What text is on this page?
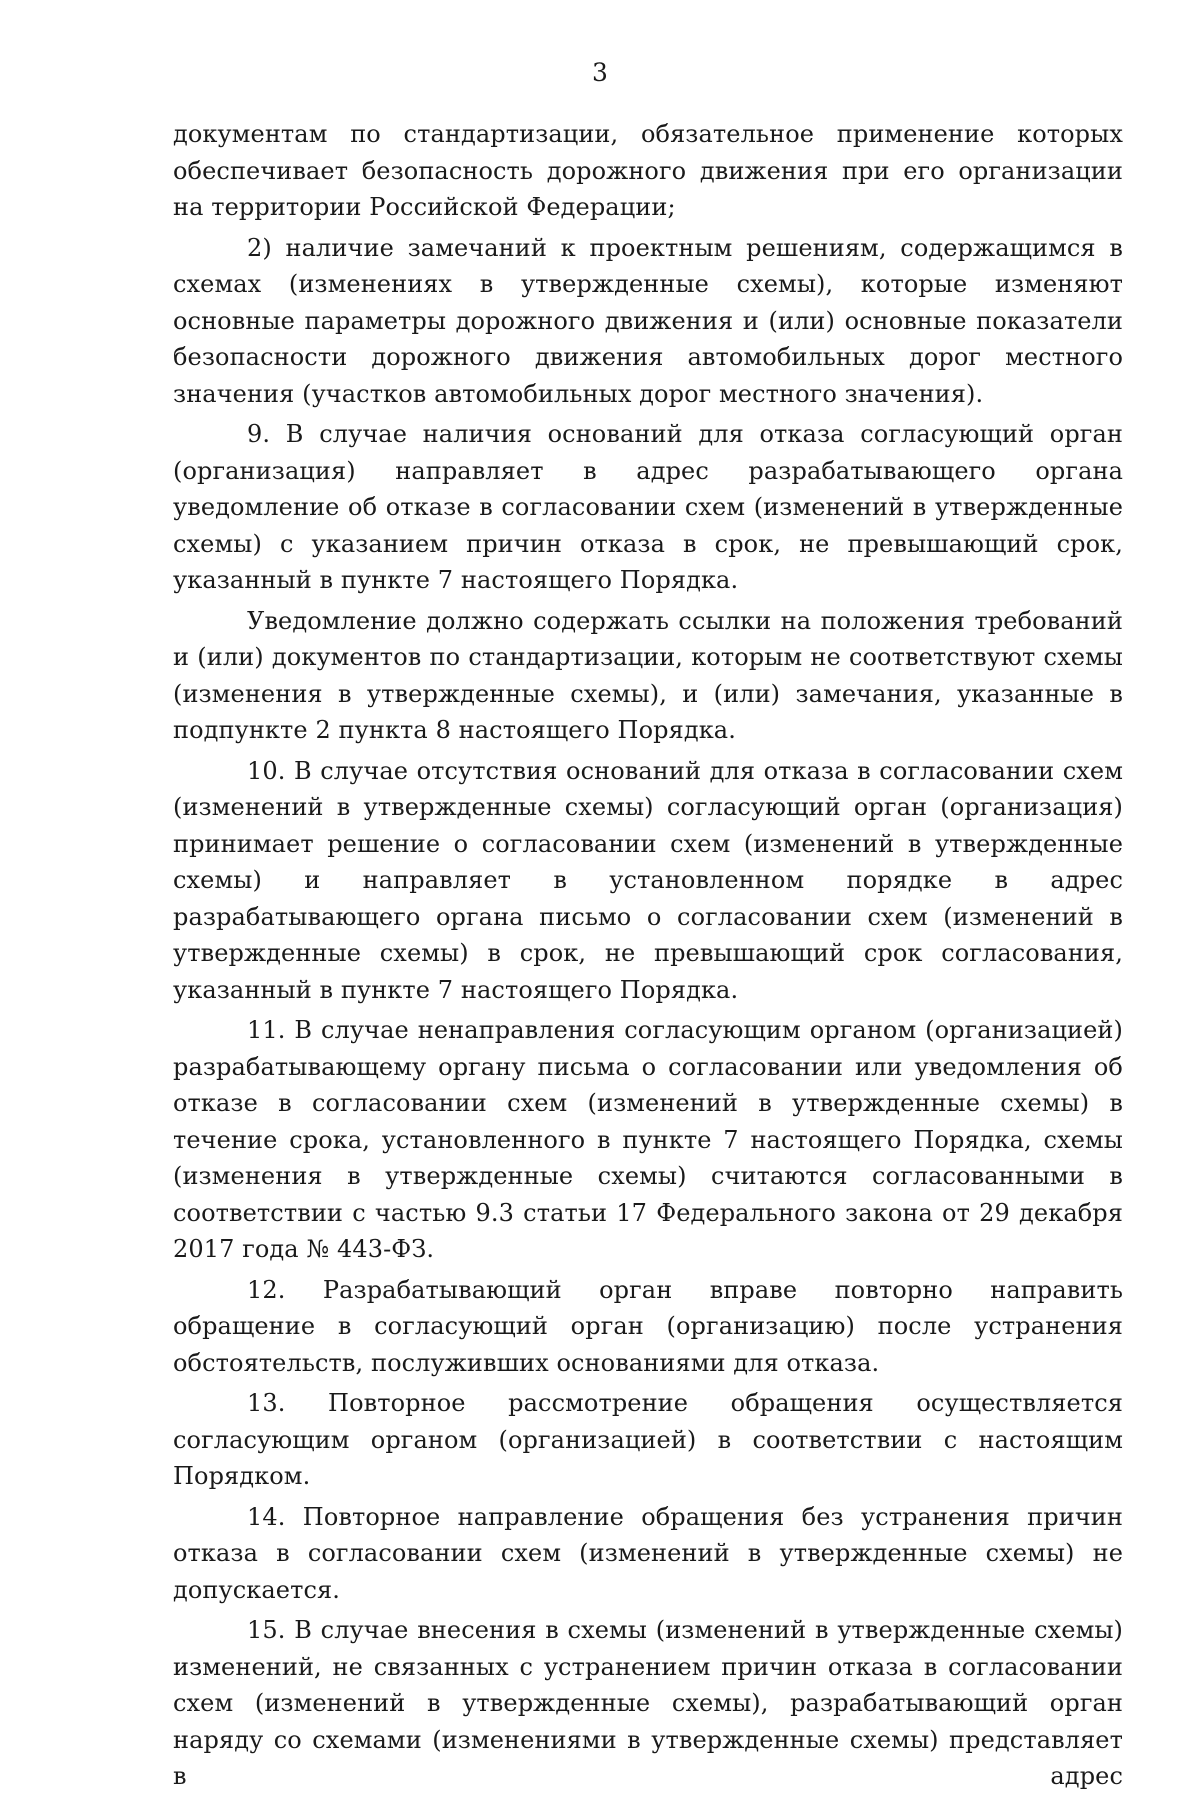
3

документам по стандартизации, обязательное применение которых обеспечивает безопасность дорожного движения при его организации на территории Российской Федерации;

2) наличие замечаний к проектным решениям, содержащимся в схемах (изменениях в утвержденные схемы), которые изменяют основные параметры дорожного движения и (или) основные показатели безопасности дорожного движения автомобильных дорог местного значения (участков автомобильных дорог местного значения).

9. В случае наличия оснований для отказа согласующий орган (организация) направляет в адрес разрабатывающего органа уведомление об отказе в согласовании схем (изменений в утвержденные схемы) с указанием причин отказа в срок, не превышающий срок, указанный в пункте 7 настоящего Порядка.

Уведомление должно содержать ссылки на положения требований и (или) документов по стандартизации, которым не соответствуют схемы (изменения в утвержденные схемы), и (или) замечания, указанные в подпункте 2 пункта 8 настоящего Порядка.

10. В случае отсутствия оснований для отказа в согласовании схем (изменений в утвержденные схемы) согласующий орган (организация) принимает решение о согласовании схем (изменений в утвержденные схемы) и направляет в установленном порядке в адрес разрабатывающего органа письмо о согласовании схем (изменений в утвержденные схемы) в срок, не превышающий срок согласования, указанный в пункте 7 настоящего Порядка.

11. В случае ненаправления согласующим органом (организацией) разрабатывающему органу письма о согласовании или уведомления об отказе в согласовании схем (изменений в утвержденные схемы) в течение срока, установленного в пункте 7 настоящего Порядка, схемы (изменения в утвержденные схемы) считаются согласованными в соответствии с частью 9.3 статьи 17 Федерального закона от 29 декабря 2017 года № 443-ФЗ.

12. Разрабатывающий орган вправе повторно направить обращение в согласующий орган (организацию) после устранения обстоятельств, послуживших основаниями для отказа.

13. Повторное рассмотрение обращения осуществляется согласующим органом (организацией) в соответствии с настоящим Порядком.

14. Повторное направление обращения без устранения причин отказа в согласовании схем (изменений в утвержденные схемы) не допускается.

15. В случае внесения в схемы (изменений в утвержденные схемы) изменений, не связанных с устранением причин отказа в согласовании схем (изменений в утвержденные схемы), разрабатывающий орган наряду со схемами (изменениями в утвержденные схемы) представляет в адрес
